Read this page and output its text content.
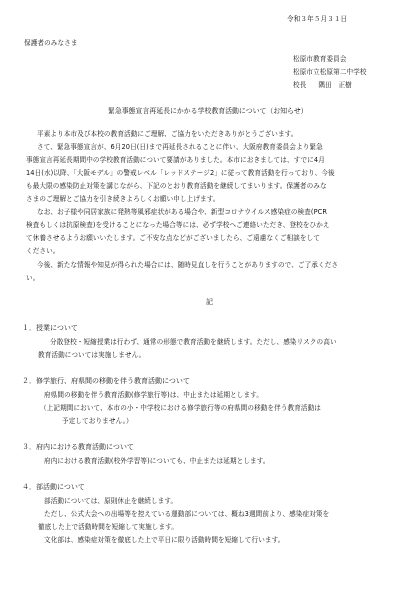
令和３年５月３１日
保護者のみなさま
松原市教育委員会
松原市立松原第二中学校
校長 隅田　正樹
緊急事態宣言再延長にかかる学校教育活動について（お知らせ）
平素より本市及び本校の教育活動にご理解、ご協力をいただきありがとうございます。
さて、緊急事態宣言が、6月20日(日)まで再延長されることに伴い、大阪府教育委員会より緊急
事態宣言再延長期間中の学校教育活動について要請がありました。本市におきましては、すでに4月
14日(水)以降、「大阪モデル」の警戒レベル「レッドステージ2」に従って教育活動を行っており、今後
も最大限の感染防止対策を講じながら、下記のとおり教育活動を継続してまいります。保護者のみな
さまのご理解とご協力を引き続きよろしくお願い申し上げます。
なお、お子様や同居家族に発熱等風邪症状がある場合や、新型コロナウイルス感染症の検査(PCR
検査もしくは抗原検査)を受けることになった場合等には、必ず学校へご連絡いただき、登校をひかえ
て休養させるようお願いいたします。ご不安な点などがございましたら、ご遠慮なくご相談をして
ください。
今後、新たな情報や知見が得られた場合には、随時見直しを行うことがありますので、ご了承くださ
い。
記
１．授業について
分散登校・短縮授業は行わず、通常の形態で教育活動を継続します。ただし、感染リスクの高い
教育活動については実施しません。
２．修学旅行、府県間の移動を伴う教育活動について
府県間の移動を伴う教育活動(修学旅行等)は、中止または延期とします。
（上記期間において、本市の小・中学校における修学旅行等の府県間の移動を伴う教育活動は
予定しておりません。）
３．府内における教育活動について
府内における教育活動(校外学習等)についても、中止または延期とします。
４．部活動について
部活動については、原則休止を継続します。
ただし、公式大会への出場等を控えている運動部については、概ね3週間前より、感染症対策を
徹底した上で活動時間を短縮して実施します。
文化部は、感染症対策を徹底した上で平日に限り活動時間を短縮して行います。
